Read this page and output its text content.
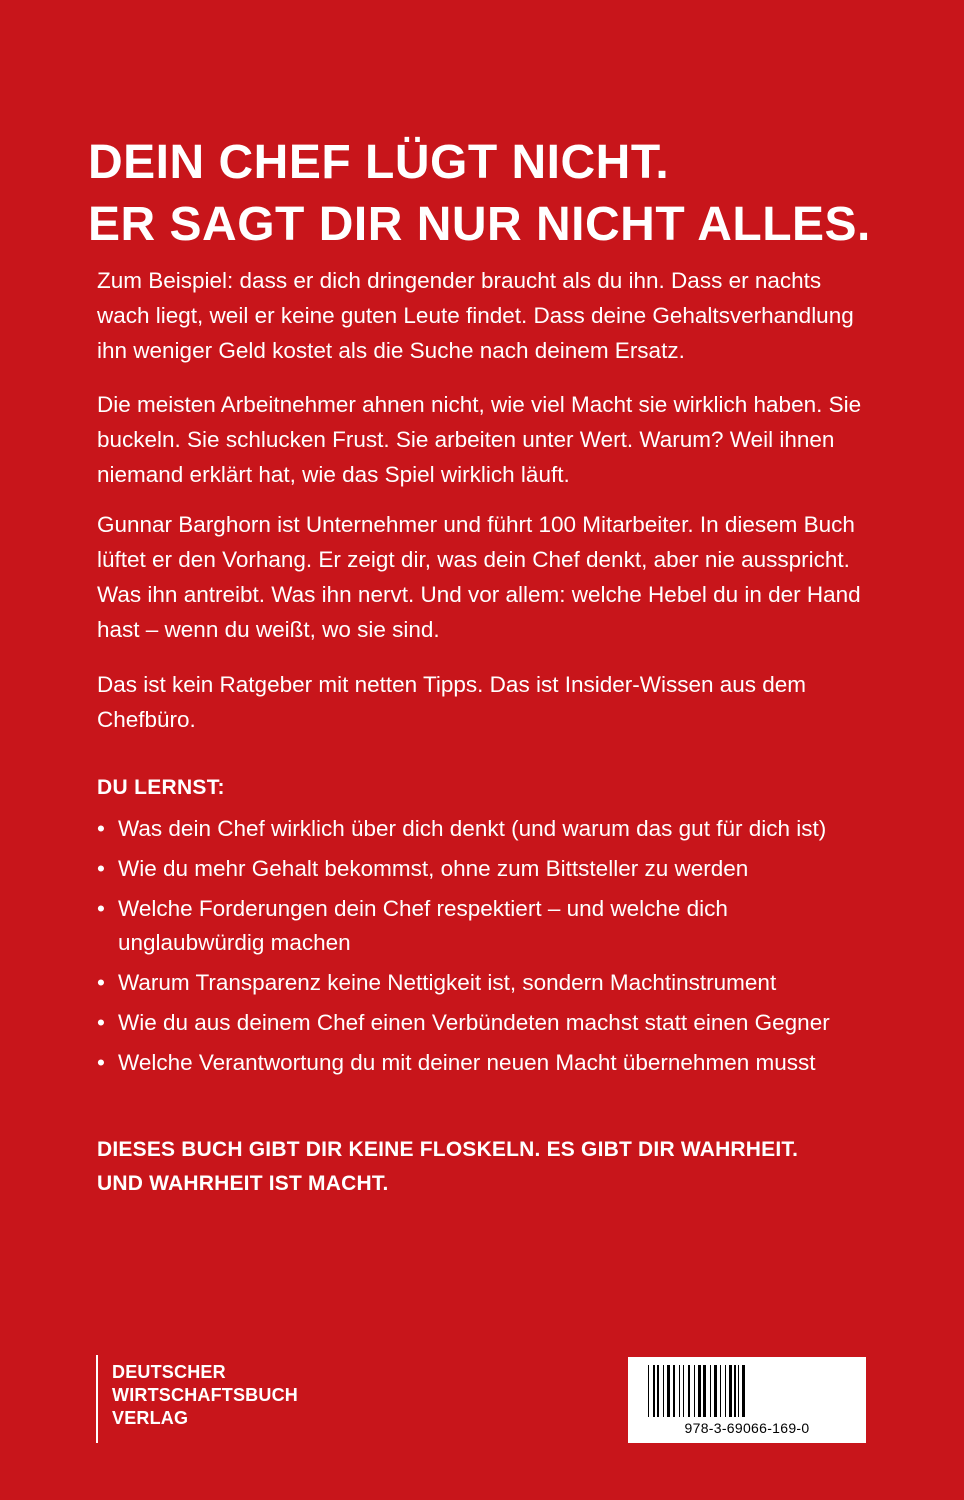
DEIN CHEF LÜGT NICHT.
ER SAGT DIR NUR NICHT ALLES.

Zum Beispiel: dass er dich dringender braucht als du ihn. Dass er nachts wach liegt, weil er keine guten Leute findet. Dass deine Gehaltsverhandlung ihn weniger Geld kostet als die Suche nach deinem Ersatz.

Die meisten Arbeitnehmer ahnen nicht, wie viel Macht sie wirklich haben. Sie buckeln. Sie schlucken Frust. Sie arbeiten unter Wert. Warum? Weil ihnen niemand erklärt hat, wie das Spiel wirklich läuft.

Gunnar Barghorn ist Unternehmer und führt 100 Mitarbeiter. In diesem Buch lüftet er den Vorhang. Er zeigt dir, was dein Chef denkt, aber nie ausspricht. Was ihn antreibt. Was ihn nervt. Und vor allem: welche Hebel du in der Hand hast – wenn du weißt, wo sie sind.

Das ist kein Ratgeber mit netten Tipps. Das ist Insider-Wissen aus dem Chefbüro.

DU LERNST:
• Was dein Chef wirklich über dich denkt (und warum das gut für dich ist)
• Wie du mehr Gehalt bekommst, ohne zum Bittsteller zu werden
• Welche Forderungen dein Chef respektiert – und welche dich unglaubwürdig machen
• Warum Transparenz keine Nettigkeit ist, sondern Machtinstrument
• Wie du aus deinem Chef einen Verbündeten machst statt einen Gegner
• Welche Verantwortung du mit deiner neuen Macht übernehmen musst

DIESES BUCH GIBT DIR KEINE FLOSKELN. ES GIBT DIR WAHRHEIT.
UND WAHRHEIT IST MACHT.

DEUTSCHER
WIRTSCHAFTSBUCH
VERLAG	978-3-69066-169-0
